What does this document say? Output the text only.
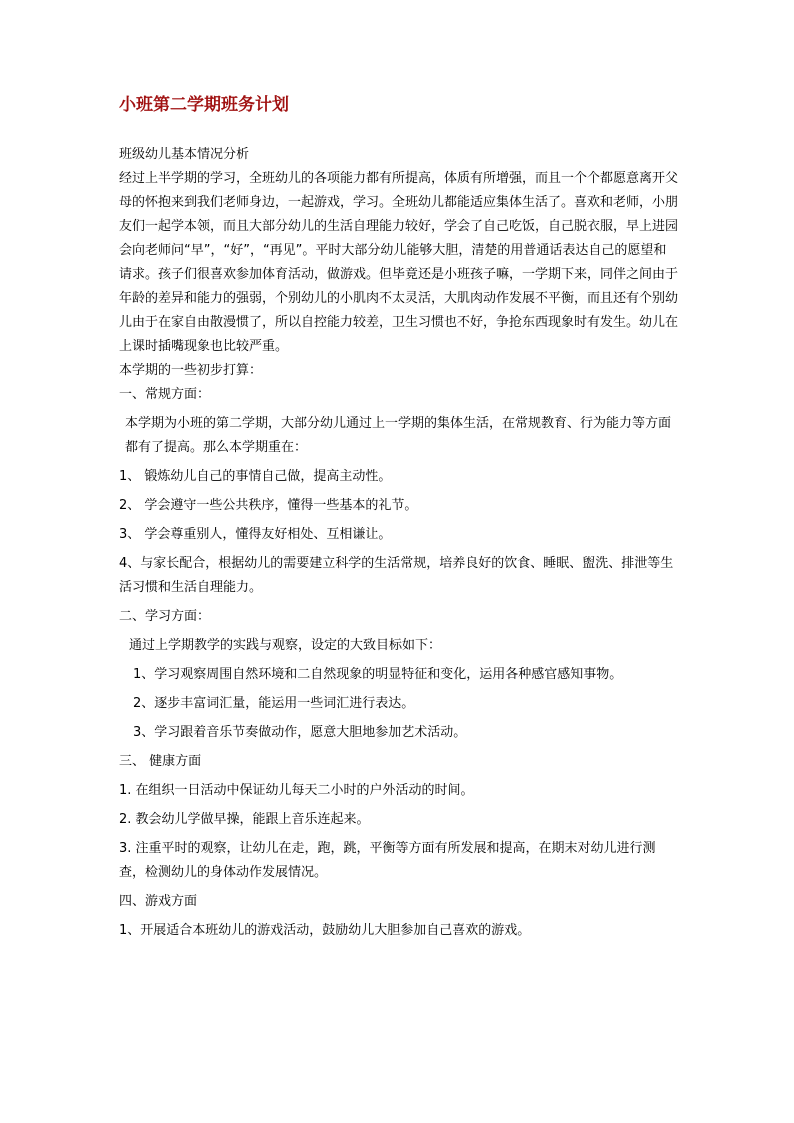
小班第二学期班务计划

班级幼儿基本情况分析

经过上半学期的学习，全班幼儿的各项能力都有所提高，体质有所增强，而且一个个都愿意离开父母的怀抱来到我们老师身边，一起游戏，学习。全班幼儿都能适应集体生活了。喜欢和老师，小朋友们一起学本领，而且大部分幼儿的生活自理能力较好，学会了自己吃饭，自己脱衣服，早上进园会向老师问“早”，“好”，“再见”。平时大部分幼儿能够大胆，清楚的用普通话表达自己的愿望和请求。孩子们很喜欢参加体育活动，做游戏。但毕竟还是小班孩子嘛，一学期下来，同伴之间由于年龄的差异和能力的强弱，个别幼儿的小肌肉不太灵活，大肌肉动作发展不平衡，而且还有个别幼儿由于在家自由散漫惯了，所以自控能力较差，卫生习惯也不好，争抢东西现象时有发生。幼儿在上课时插嘴现象也比较严重。

本学期的一些初步打算：

一、常规方面：

本学期为小班的第二学期，大部分幼儿通过上一学期的集体生活，在常规教育、行为能力等方面都有了提高。那么本学期重在：

1、 锻炼幼儿自己的事情自己做，提高主动性。

2、 学会遵守一些公共秩序，懂得一些基本的礼节。

3、 学会尊重别人，懂得友好相处、互相谦让。

4、与家长配合，根据幼儿的需要建立科学的生活常规，培养良好的饮食、睡眠、盥洗、排泄等生活习惯和生活自理能力。

二、学习方面：

通过上学期教学的实践与观察，设定的大致目标如下：

1、学习观察周围自然环境和二自然现象的明显特征和变化，运用各种感官感知事物。

2、逐步丰富词汇量，能运用一些词汇进行表达。

3、学习跟着音乐节奏做动作，愿意大胆地参加艺术活动。

三、 健康方面

1. 在组织一日活动中保证幼儿每天二小时的户外活动的时间。

2. 教会幼儿学做早操，能跟上音乐连起来。

3. 注重平时的观察，让幼儿在走，跑，跳，平衡等方面有所发展和提高，在期末对幼儿进行测查，检测幼儿的身体动作发展情况。

四、游戏方面

1、开展适合本班幼儿的游戏活动，鼓励幼儿大胆参加自己喜欢的游戏。
